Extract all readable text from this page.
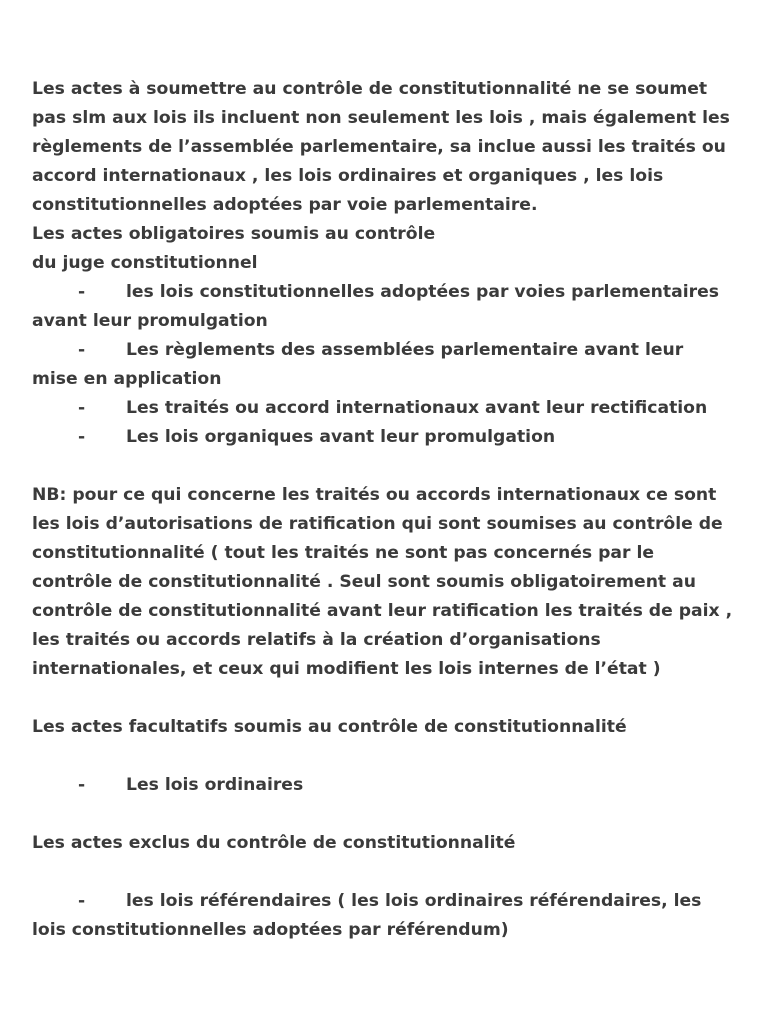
Les actes à soumettre au contrôle de constitutionnalité ne se soumet
pas slm aux lois ils incluent non seulement les lois , mais également les
règlements de l’assemblée parlementaire, sa inclue aussi les traités ou
accord internationaux , les lois ordinaires et organiques , les lois
constitutionnelles adoptées par voie parlementaire.
Les actes obligatoires soumis au contrôle
du juge constitutionnel
- les lois constitutionnelles adoptées par voies parlementaires
avant leur promulgation
- Les règlements des assemblées parlementaire avant leur
mise en application
- Les traités ou accord internationaux avant leur rectification
- Les lois organiques avant leur promulgation
NB: pour ce qui concerne les traités ou accords internationaux ce sont
les lois d’autorisations de ratification qui sont soumises au contrôle de
constitutionnalité ( tout les traités ne sont pas concernés par le
contrôle de constitutionnalité . Seul sont soumis obligatoirement au
contrôle de constitutionnalité avant leur ratification les traités de paix ,
les traités ou accords relatifs à la création d’organisations
internationales, et ceux qui modifient les lois internes de l’état )
Les actes facultatifs soumis au contrôle de constitutionnalité
- Les lois ordinaires
Les actes exclus du contrôle de constitutionnalité
- les lois référendaires ( les lois ordinaires référendaires, les
lois constitutionnelles adoptées par référendum)
